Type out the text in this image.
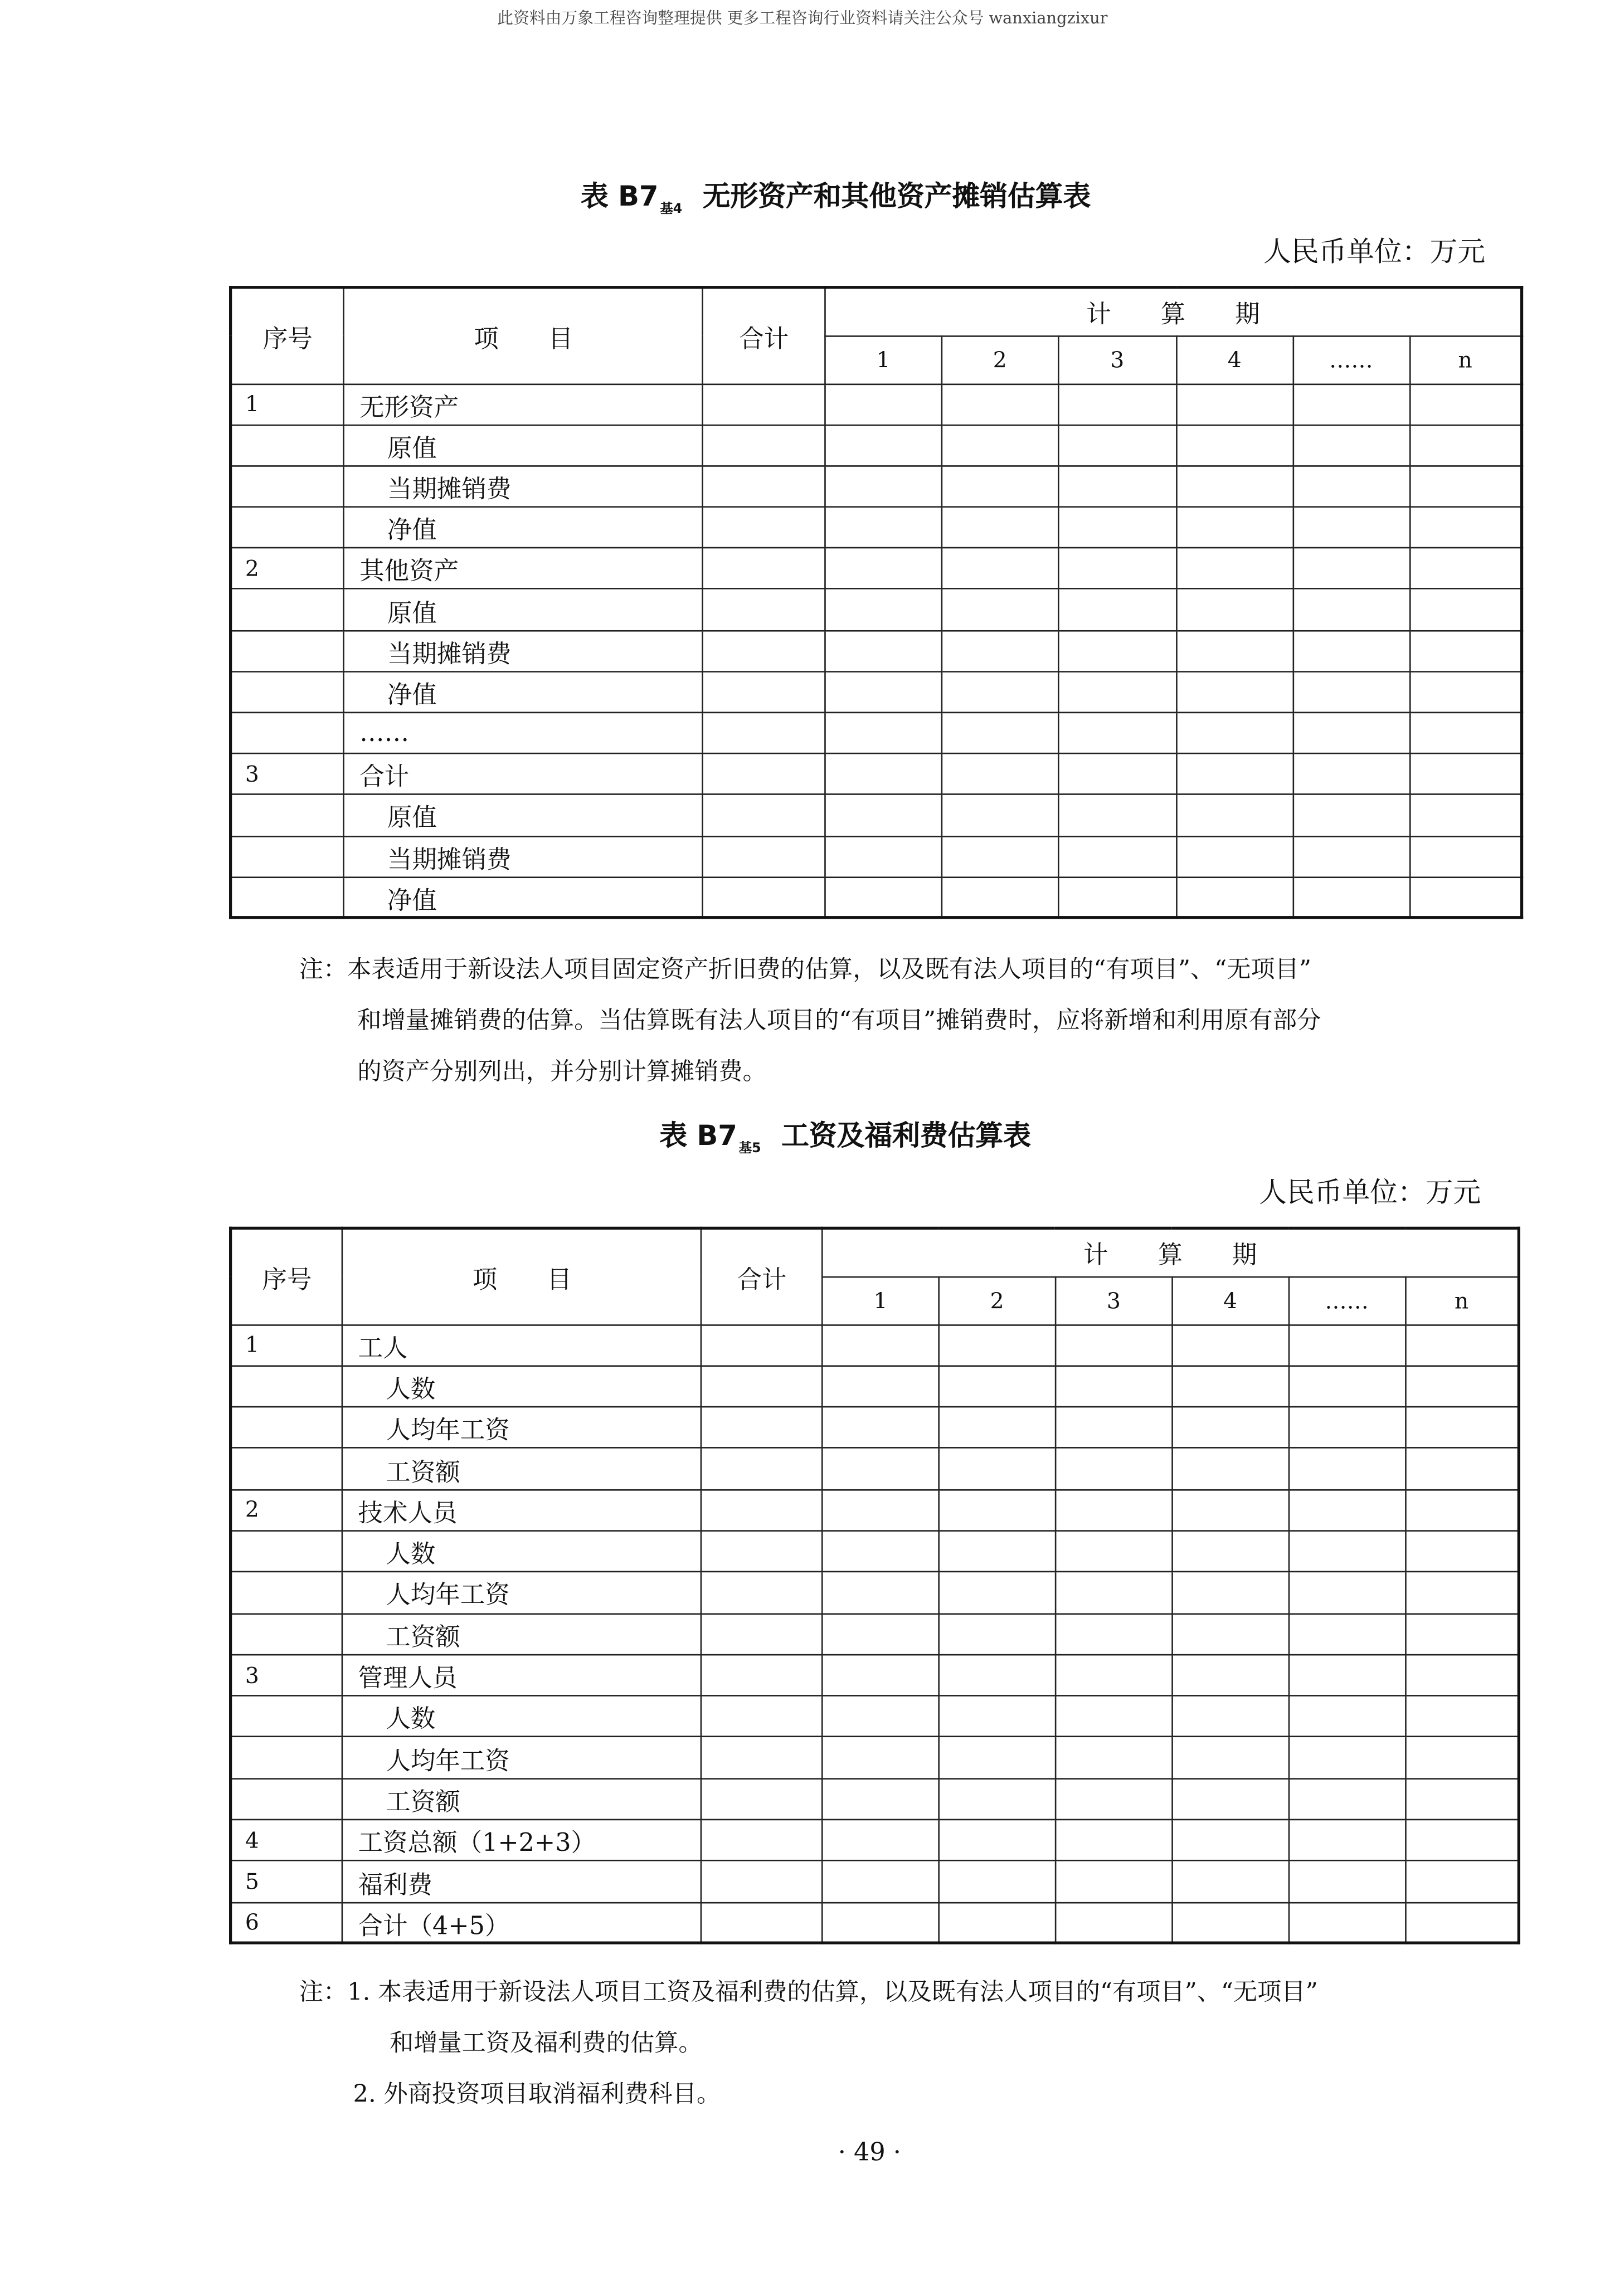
此资料由万象工程咨询整理提供 更多工程咨询行业资料请关注公众号 wanxiangzixur
表 B7 $_{基4}$ 无形资产和其他资产摊销估算表
人民币单位：万元
序号	项　　目	合计	计　　算　　期					
			1	2	3	4	……	n
1	无形资产							
	原值							
	当期摊销费							
	净值							
2	其他资产							
	原值							
	当期摊销费							
	净值							
	……							
3	合计							
	原值							
	当期摊销费							
	净值							
注：本表适用于新设法人项目固定资产折旧费的估算，以及既有法人项目的“有项目”、“无项目”
和增量摊销费的估算。当估算既有法人项目的“有项目”摊销费时，应将新增和利用原有部分
的资产分别列出，并分别计算摊销费。
表 B7 $_{基5}$ 工资及福利费估算表
人民币单位：万元
序号	项　　目	合计	计　　算　　期					
			1	2	3	4	……	n
1	工人							
	人数							
	人均年工资							
	工资额							
2	技术人员							
	人数							
	人均年工资							
	工资额							
3	管理人员							
	人数							
	人均年工资							
	工资额							
4	工资总额（1+2+3）							
5	福利费							
6	合计（4+5）							
注：1. 本表适用于新设法人项目工资及福利费的估算，以及既有法人项目的“有项目”、“无项目”
和增量工资及福利费的估算。
2. 外商投资项目取消福利费科目。
· 49 ·
